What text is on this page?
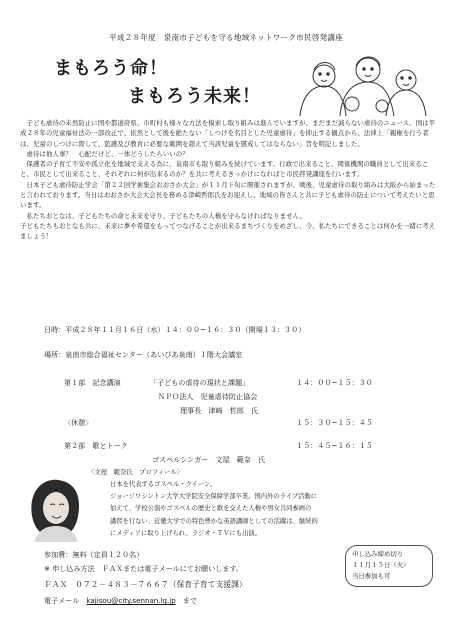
平成２８年度　泉南市子どもを守る地域ネットワーク市民啓発講座
まもろう命！
まもろう未来！

　子ども虐待の未然防止に国や都道府県、市町村も様々な方法を模索し取り組みは進んでいますが、まだまだ減らない虐待のニュース。国は平成２８年の児童福祉法の一部改正で、依然として後を絶たない「しつけを名目とした児童虐待」を抑止する観点から、法律上「親権を行う者は、児童のしつけに際して、監護及び教育に必要な範囲を超えて当該児童を懲戒してはならない」旨を明記しました。

　虐待は他人事？　心配だけど、一体どうしたらいいの？

　保護者の子育て不安や孤立化を地域で支える為に、泉南市も取り組みを続けています。行政で出来ること、関係機関の職員として出来ること、市民として出来ること、それぞれに何が出来るのか？を共に考えるきっかけになればと市民啓発講座を行います。

　日本子ども虐待防止学会「第２２回学術集会おおさか大会」が１１月下旬に開催されますが、戦後、児童虐待の取り組みは大阪から始まったと言われております。当日はおおさか大会大会長を務める津崎哲郎氏をお迎えし、地域の皆さんと共に子ども虐待の防止について考えたいと思います。

　私たちおとなは、子どもたちの命と未来を守り、子どもたちの人権を守らなければなりません。

子どもたちもおとなも共に、未来に夢や希望をもってつなげることが出来るまちづくりをめざし、今、私たちにできることは何かを一緒に考えましょう！

日時：平成２８年１１月１６日（水）１４：００~１６：３０（開場１３：３０）
場所：泉南市総合福祉センター（あいぴあ泉南）１階大会議室
第１部　記念講演	「子どもの虐待の現状と課題」	１４：００~１５：３０
ＮＰＯ法人　児童虐待防止協会
理事長　津崎　哲郎　氏
〈休憩〉	１５：３０~１５：４５
第２部　歌とトーク	１５：４５~１６：１５
ゴスペルシンガー　文屋　範奈　氏
〈文屋　範奈氏　プロフィール〉
日本を代表するゴスペル・クイーン。
ジョージワシントン大学大学院安全保障学部卒業。国内外のライブ活動に
加えて、学校公演やゴスペルの歴史と歌を交えた人権や男女共同参画の
講習を行ない、近畿大学での特色豊かな英語講師としての活躍は、継続的
にメディアに取り上げられ、ラジオ・ＴＶにも出演。
参加費：無料（定員１２０名）
※ 申し込み方法　ＦＡＸまたは電子メールにてお願いします。
ＦＡＸ　０７２－４８３－７６６７（保育子育て支援課）
電子メール　kajisou@city.sennan.lg.jp　まで
申し込み締め切り
１１月１５日（火）
当日参加も可
